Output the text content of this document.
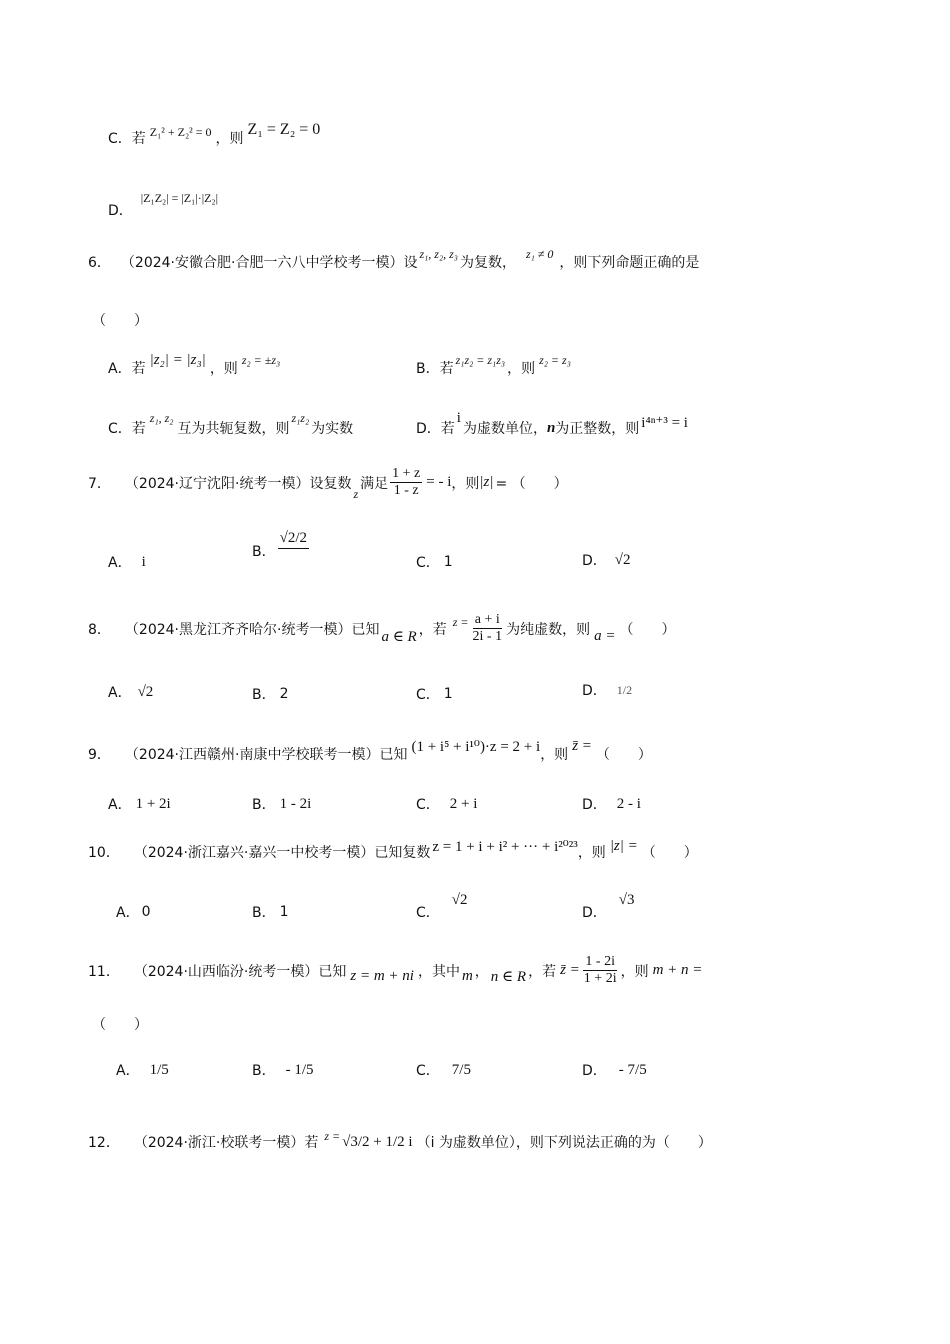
C．若 Z₁² + Z₂² = 0 ，则
Z₁ = Z₂ = 0
D．
|Z₁Z₂| = |Z₁|·|Z₂|
6． （2024·安徽合肥·合肥一六八中学校考一模）设
z₁, z₂, z₃
为复数，
z₁ ≠ 0
，则下列命题正确的是
（　　）
A．若
|z₂| = |z₃|
，则
z₂ = ±z₃
B．若
z₁z₂ = z₁z₃
，则
z₂ = z₃
C．若
z₁, z₂
互为共轭复数，则
z₁z₂
为实数	D．若
i
为虚数单位， n 为正整数，则 i⁴ⁿ⁺³ = i
7． （2024·辽宁沈阳·统考一模）设复数
z
满足 $\frac{1 + z}{1 - z}$ = - i ，则 |z| = （　　）
A． i
B．
√2/2
C． 1	D． √2
8． （2024·黑龙江齐齐哈尔·统考一模）已知 a ∈ R ，若 $z = \frac{a + i}{2i - 1}$ 为纯虚数，则 a = （　　）
A． √2	B． 2	C． 1	D． 1/2
9． （2024·江西赣州·南康中学校联考一模）已知
(1 + i⁵ + i¹⁰)·z = 2 + i
，则
z̄ =
（　　）
A． 1 + 2i	B． 1 - 2i	C． 2 + i	D． 2 - i
10． （2024·浙江嘉兴·嘉兴一中校考一模）已知复数 z = 1 + i + i² + ··· + i²⁰²³ ，则 |z| = （　　）
A． 0	B． 1	C．
√2
D．
√3
11． （2024·山西临汾·统考一模）已知 z = m + ni ，其中 m ， n ∈ R ，若 z̄ = $\frac{1 - 2i}{1 + 2i}$ ，则 m + n =
（　　）
A． 1/5	B． - 1/5	C． 7/5	D． - 7/5
12． （2024·浙江·校联考一模）若 z = √3/2 + 1/2 i （i 为虚数单位），则下列说法正确的为（　　）
